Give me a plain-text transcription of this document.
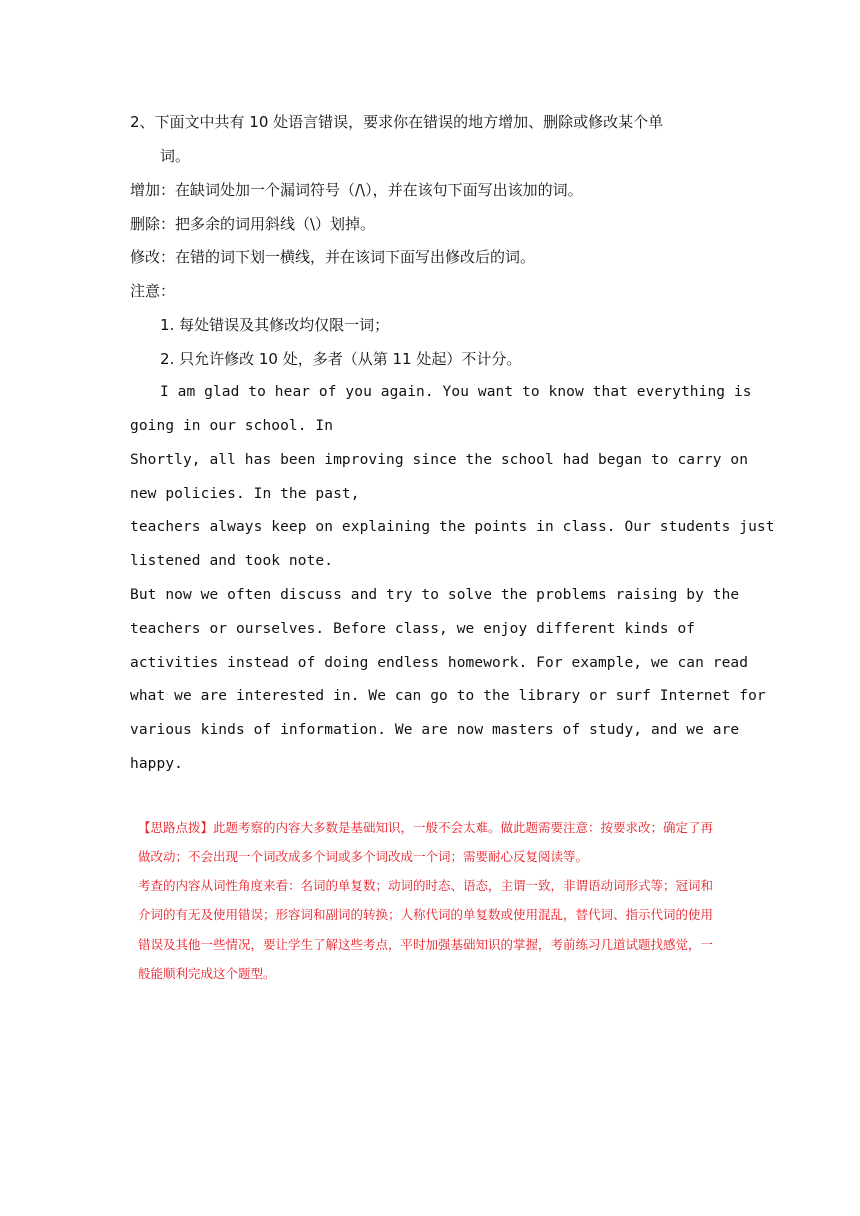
2、下面文中共有 10 处语言错误，要求你在错误的地方增加、删除或修改某个单
词。
增加：在缺词处加一个漏词符号（/\），并在该句下面写出该加的词。
删除：把多余的词用斜线（\）划掉。
修改：在错的词下划一横线，并在该词下面写出修改后的词。
注意：
1. 每处错误及其修改均仅限一词；
2. 只允许修改 10 处，多者（从第 11 处起）不计分。
I am glad to hear of you again. You want to know that everything is
going in our school. In
Shortly, all has been improving since the school had began to carry on
new policies. In the past,
teachers always keep on explaining the points in class. Our students just
listened and took note.
But now we often discuss and try to solve the problems raising by the
teachers or ourselves. Before class, we enjoy different kinds of
activities instead of doing endless homework. For example, we can read
what we are interested in. We can go to the library or surf Internet for
various kinds of information. We are now masters of study, and we are
happy.
【思路点拨】此题考察的内容大多数是基础知识，一般不会太难。做此题需要注意：按要求改；确定了再
做改动；不会出现一个词改成多个词或多个词改成一个词；需要耐心反复阅读等。
考查的内容从词性角度来看：名词的单复数；动词的时态、语态，主谓一致，非谓语动词形式等；冠词和
介词的有无及使用错误；形容词和副词的转换；人称代词的单复数或使用混乱，替代词、指示代词的使用
错误及其他一些情况，要让学生了解这些考点，平时加强基础知识的掌握，考前练习几道试题找感觉，一
般能顺利完成这个题型。
